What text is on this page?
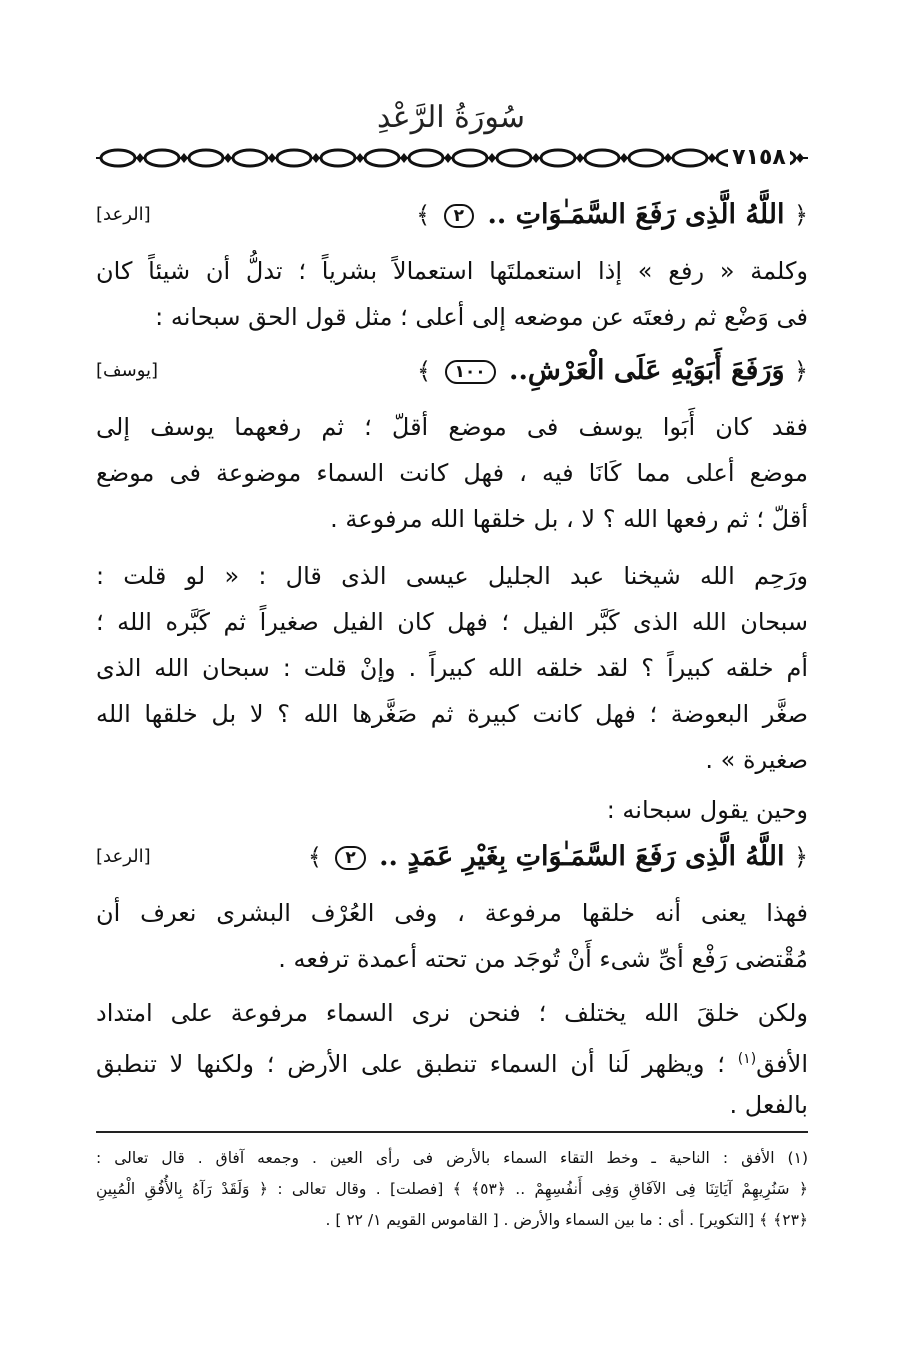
سُورَةُ الرَّعْدِ
٧١٥٨
﴿ اللَّهُ الَّذِى رَفَعَ السَّمَـٰوَاتِ .. ٢ ﴾
[الرعد]
وكلمة « رفع » إذا استعملتَها استعمالاً بشرياً ؛ تدلُّ أن شيئاً كان
فى وَضْع ثم رفعتَه عن موضعه إلى أعلى ؛ مثل قول الحق سبحانه :
﴿ وَرَفَعَ أَبَوَيْهِ عَلَى الْعَرْشِ.. ١٠٠ ﴾
[يوسف]
فقد كان أَبَوا يوسف فى موضع أقلّ ؛ ثم رفعهما يوسف إلى
موضع أعلى مما كَانَا فيه ، فهل كانت السماء موضوعة فى موضع
أقلّ ؛ ثم رفعها الله ؟ لا ، بل خلقها الله مرفوعة .
ورَحِم الله شيخنا عبد الجليل عيسى الذى قال : « لو قلت :
سبحان الله الذى كَبَّر الفيل ؛ فهل كان الفيل صغيراً ثم كَبَّره الله ؛
أم خلقه كبيراً ؟ لقد خلقه الله كبيراً . وإنْ قلت : سبحان الله الذى
صغَّر البعوضة ؛ فهل كانت كبيرة ثم صَغَّرها الله ؟ لا بل خلقها الله
صغيرة » .
وحين يقول سبحانه :
﴿ اللَّهُ الَّذِى رَفَعَ السَّمَـٰوَاتِ بِغَيْرِ عَمَدٍ .. ٢ ﴾
[الرعد]
فهذا يعنى أنه خلقها مرفوعة ، وفى العُرْف البشرى نعرف أن
مُقْتضى رَفْع أىِّ شىء أَنْ تُوجَد من تحته أعمدة ترفعه .
ولكن خلقَ الله يختلف ؛ فنحن نرى السماء مرفوعة على امتداد
الأفق$^{(١)}$ ؛ ويظهر لَنا أن السماء تنطبق على الأرض ؛ ولكنها لا تنطبق
بالفعل .
(١) الأفق : الناحية ـ وخط التقاء السماء بالأرض فى رأى العين . وجمعه آفاق . قال تعالى :
﴿ سَنُرِيهِمْ آيَاتِنَا فِى الآفَاقِ وَفِى أَنفُسِهِمْ .. ﴿٥٣﴾ ﴾ [فصلت] . وقال تعالى : ﴿ وَلَقَدْ رَآهُ بِالأُفُقِ الْمُبِينِ
﴿٢٣﴾ ﴾ [التكوير] . أى : ما بين السماء والأرض . [ القاموس القويم ١/ ٢٢ ] .
